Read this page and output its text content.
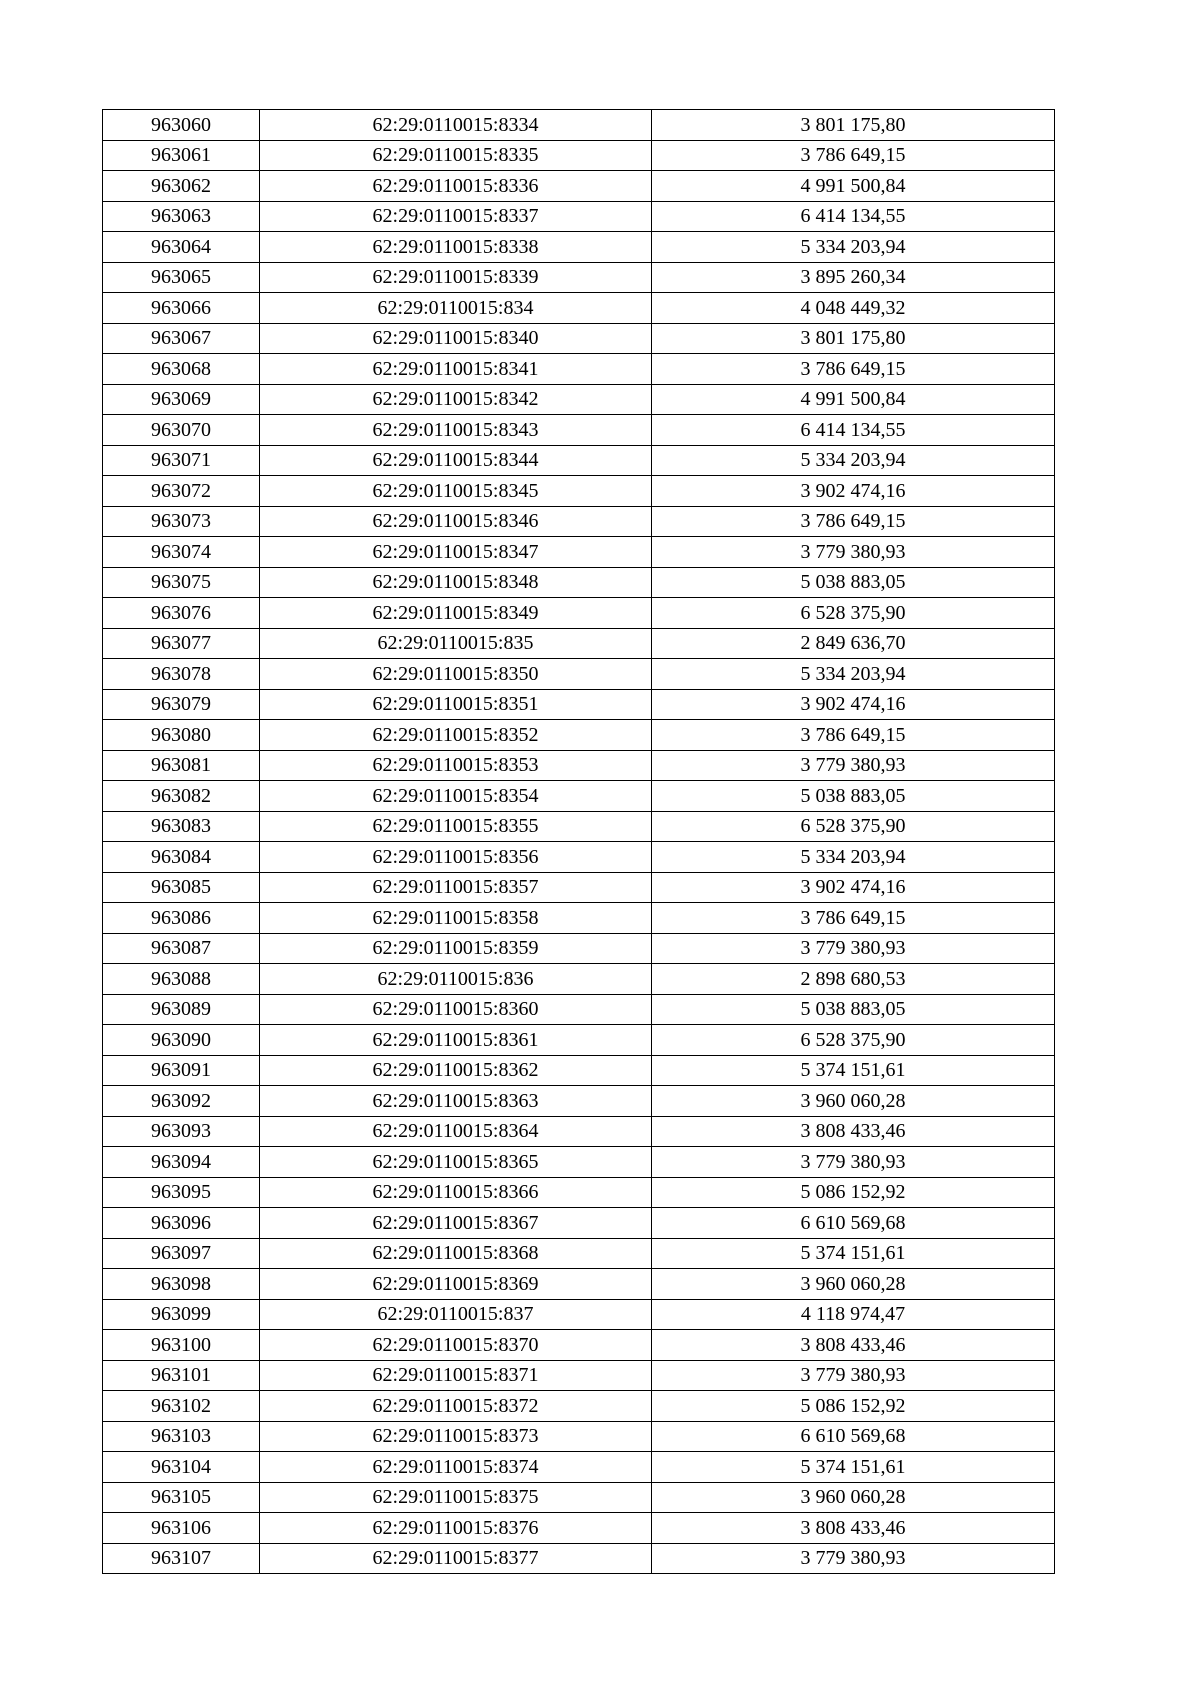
963060	62:29:0110015:8334	3 801 175,80
963061	62:29:0110015:8335	3 786 649,15
963062	62:29:0110015:8336	4 991 500,84
963063	62:29:0110015:8337	6 414 134,55
963064	62:29:0110015:8338	5 334 203,94
963065	62:29:0110015:8339	3 895 260,34
963066	62:29:0110015:834	4 048 449,32
963067	62:29:0110015:8340	3 801 175,80
963068	62:29:0110015:8341	3 786 649,15
963069	62:29:0110015:8342	4 991 500,84
963070	62:29:0110015:8343	6 414 134,55
963071	62:29:0110015:8344	5 334 203,94
963072	62:29:0110015:8345	3 902 474,16
963073	62:29:0110015:8346	3 786 649,15
963074	62:29:0110015:8347	3 779 380,93
963075	62:29:0110015:8348	5 038 883,05
963076	62:29:0110015:8349	6 528 375,90
963077	62:29:0110015:835	2 849 636,70
963078	62:29:0110015:8350	5 334 203,94
963079	62:29:0110015:8351	3 902 474,16
963080	62:29:0110015:8352	3 786 649,15
963081	62:29:0110015:8353	3 779 380,93
963082	62:29:0110015:8354	5 038 883,05
963083	62:29:0110015:8355	6 528 375,90
963084	62:29:0110015:8356	5 334 203,94
963085	62:29:0110015:8357	3 902 474,16
963086	62:29:0110015:8358	3 786 649,15
963087	62:29:0110015:8359	3 779 380,93
963088	62:29:0110015:836	2 898 680,53
963089	62:29:0110015:8360	5 038 883,05
963090	62:29:0110015:8361	6 528 375,90
963091	62:29:0110015:8362	5 374 151,61
963092	62:29:0110015:8363	3 960 060,28
963093	62:29:0110015:8364	3 808 433,46
963094	62:29:0110015:8365	3 779 380,93
963095	62:29:0110015:8366	5 086 152,92
963096	62:29:0110015:8367	6 610 569,68
963097	62:29:0110015:8368	5 374 151,61
963098	62:29:0110015:8369	3 960 060,28
963099	62:29:0110015:837	4 118 974,47
963100	62:29:0110015:8370	3 808 433,46
963101	62:29:0110015:8371	3 779 380,93
963102	62:29:0110015:8372	5 086 152,92
963103	62:29:0110015:8373	6 610 569,68
963104	62:29:0110015:8374	5 374 151,61
963105	62:29:0110015:8375	3 960 060,28
963106	62:29:0110015:8376	3 808 433,46
963107	62:29:0110015:8377	3 779 380,93
